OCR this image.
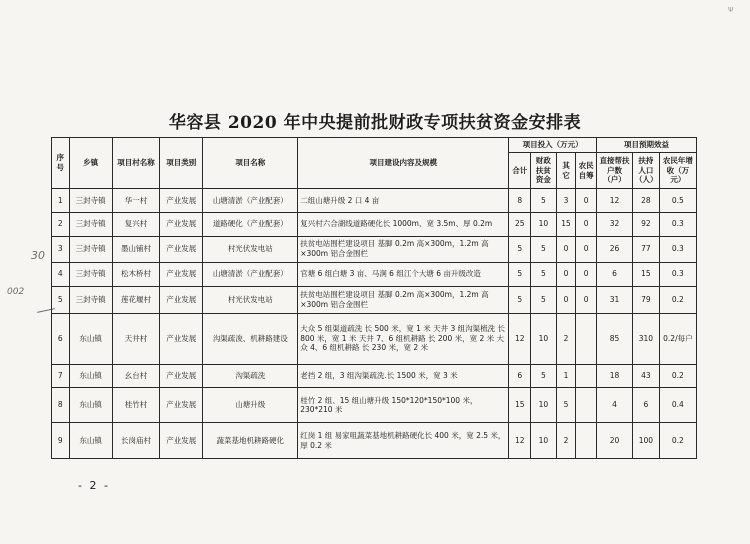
Ψ
华容县 2020 年中央提前批财政专项扶贫资金安排表
30
002
序号	乡镇	项目村名称	项目类别	项目名称	项目建设内容及规模	项目投入（万元）				项目预期效益		
						合计	财政扶贫资金	其它	农民自筹	直接帮扶户数（户）	扶持人口（人）	农民年增收（万元）
1	三封寺镇	华一村	产业发展	山塘清淤（产业配套）	二组山塘升级 2 口 4 亩	8	5	3	0	12	28	0.5
2	三封寺镇	复兴村	产业发展	道路硬化（产业配套）	复兴村六合湖线道路硬化长 1000m、宽 3.5m、厚 0.2m	25	10	15	0	32	92	0.3
3	三封寺镇	墨山铺村	产业发展	村光伏发电站	扶贫电站围栏建设项目 基脚 0.2m 高×300m，1.2m 高×300m 铝合金围栏	5	5	0	0	26	77	0.3
4	三封寺镇	松木桥村	产业发展	山塘清淤（产业配套）	官塘 6 组白塘 3 亩、马涧 6 组江个大塘 6 亩升级改造	5	5	0	0	6	15	0.3
5	三封寺镇	莲花堰村	产业发展	村光伏发电站	扶贫电站围栏建设项目 基脚 0.2m 高×300m，1.2m 高×300m 铝合金围栏	5	5	0	0	31	79	0.2
6	东山镇	天井村	产业发展	沟渠疏浚、机耕路建设	大众 5 组渠道疏洗 长 500 米，宽 1 米 天井 3 组沟渠梳洗 长 800 米，宽 1 米 天井 7、6 组机耕路 长 200 米，宽 2 米 大众 4、6 组机耕路 长 230 米，宽 2 米	12	10	2		85	310	0.2/每户
7	东山镇	幺台村	产业发展	沟渠疏洗	老挡 2 组，3 组沟渠疏洗.长 1500 米，宽 3 米	6	5	1		18	43	0.2
8	东山镇	桂竹村	产业发展	山塘升级	桂竹 2 组、15 组山塘升级 150*120*150*100 米，230*210 米	15	10	5		4	6	0.4
9	东山镇	长岗庙村	产业发展	蔬菜基地机耕路硬化	红岗 1 组 易家咀蔬菜基地机耕路硬化长 400 米，宽 2.5 米，厚 0.2 米	12	10	2		20	100	0.2
- 2 -
